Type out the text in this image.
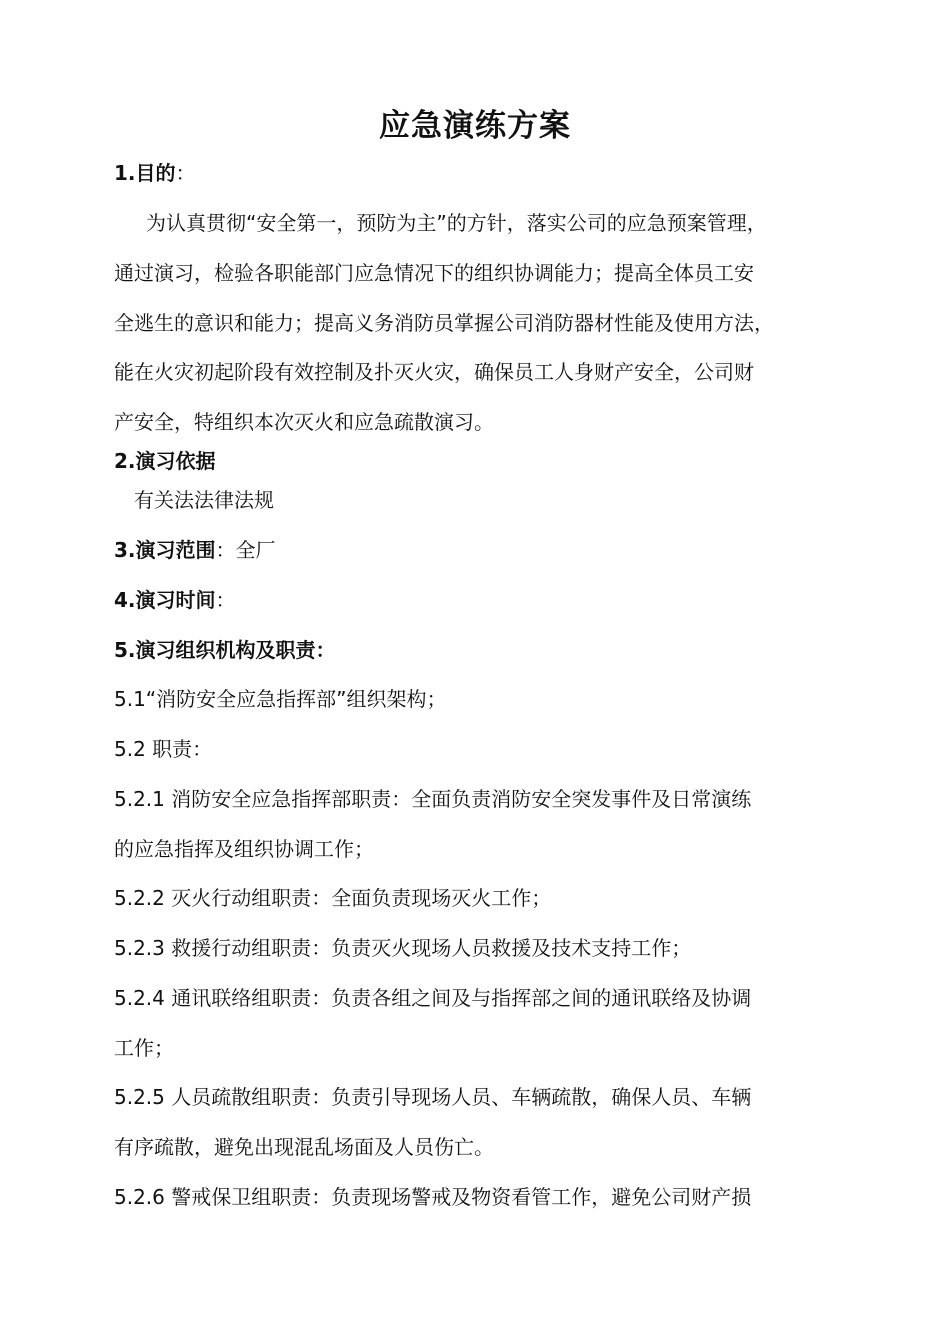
应急演练方案
1.目的：
为认真贯彻“安全第一，预防为主”的方针，落实公司的应急预案管理，
通过演习，检验各职能部门应急情况下的组织协调能力；提高全体员工安
全逃生的意识和能力；提高义务消防员掌握公司消防器材性能及使用方法，
能在火灾初起阶段有效控制及扑灭火灾，确保员工人身财产安全，公司财
产安全，特组织本次灭火和应急疏散演习。
2.演习依据
有关法法律法规
3.演习范围：全厂
4.演习时间：
5.演习组织机构及职责：
5.1“消防安全应急指挥部”组织架构；
5.2 职责：
5.2.1 消防安全应急指挥部职责：全面负责消防安全突发事件及日常演练
的应急指挥及组织协调工作；
5.2.2 灭火行动组职责：全面负责现场灭火工作；
5.2.3 救援行动组职责：负责灭火现场人员救援及技术支持工作；
5.2.4 通讯联络组职责：负责各组之间及与指挥部之间的通讯联络及协调
工作；
5.2.5 人员疏散组职责：负责引导现场人员、车辆疏散，确保人员、车辆
有序疏散，避免出现混乱场面及人员伤亡。
5.2.6 警戒保卫组职责：负责现场警戒及物资看管工作，避免公司财产损
